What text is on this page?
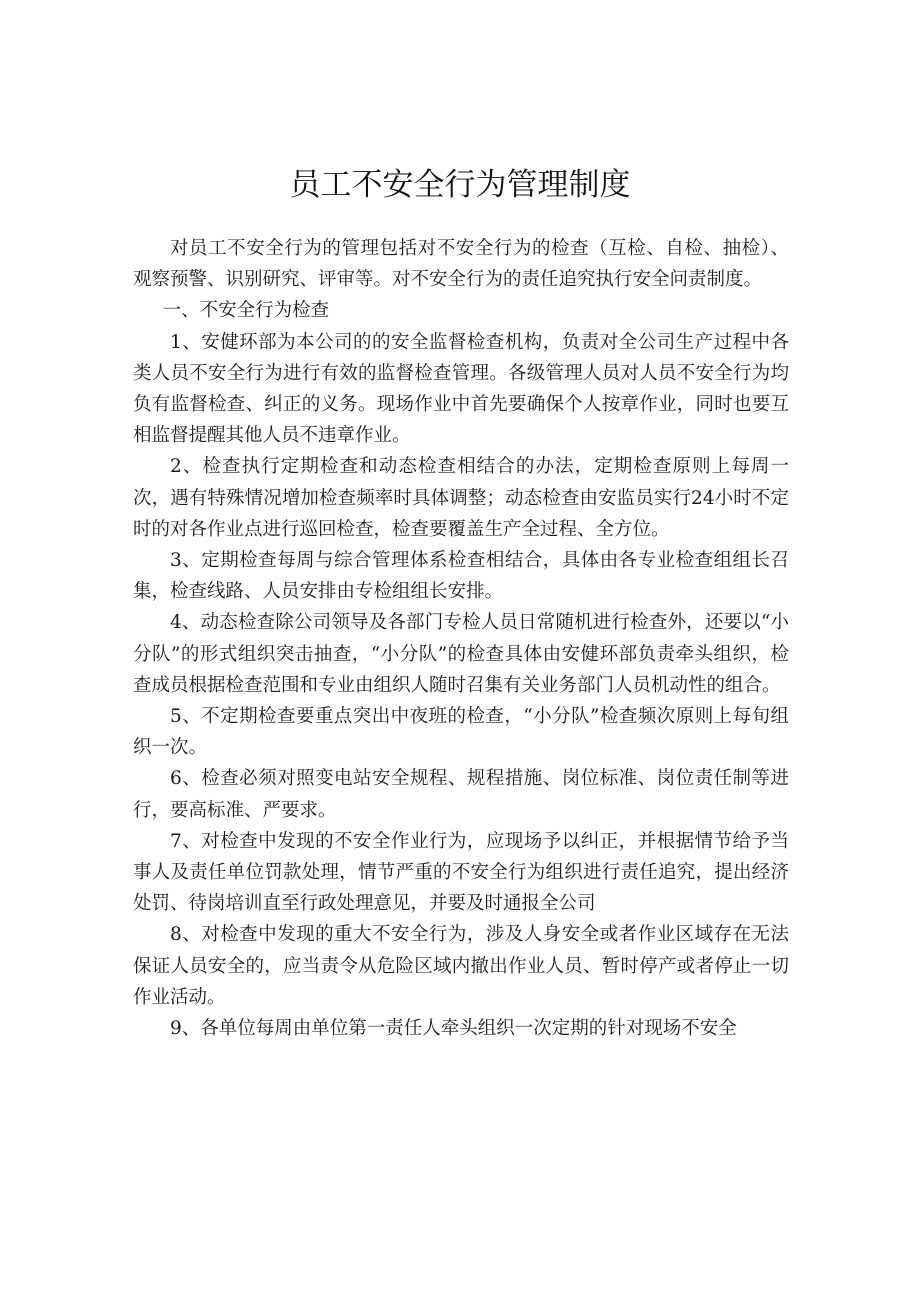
员工不安全行为管理制度

对员工不安全行为的管理包括对不安全行为的检查（互检、自检、抽检）、观察预警、识别研究、评审等。对不安全行为的责任追究执行安全问责制度。

一、不安全行为检查

1、安健环部为本公司的的安全监督检查机构，负责对全公司生产过程中各类人员不安全行为进行有效的监督检查管理。各级管理人员对人员不安全行为均负有监督检查、纠正的义务。现场作业中首先要确保个人按章作业，同时也要互相监督提醒其他人员不违章作业。

2、检查执行定期检查和动态检查相结合的办法，定期检查原则上每周一次，遇有特殊情况增加检查频率时具体调整；动态检查由安监员实行24小时不定时的对各作业点进行巡回检查，检查要覆盖生产全过程、全方位。

3、定期检查每周与综合管理体系检查相结合，具体由各专业检查组组长召集，检查线路、人员安排由专检组组长安排。

4、动态检查除公司领导及各部门专检人员日常随机进行检查外，还要以“小分队”的形式组织突击抽查，“小分队”的检查具体由安健环部负责牵头组织，检查成员根据检查范围和专业由组织人随时召集有关业务部门人员机动性的组合。

5、不定期检查要重点突出中夜班的检查，“小分队”检查频次原则上每旬组织一次。

6、检查必须对照变电站安全规程、规程措施、岗位标准、岗位责任制等进行，要高标准、严要求。

7、对检查中发现的不安全作业行为，应现场予以纠正，并根据情节给予当事人及责任单位罚款处理，情节严重的不安全行为组织进行责任追究，提出经济处罚、待岗培训直至行政处理意见，并要及时通报全公司

8、对检查中发现的重大不安全行为，涉及人身安全或者作业区域存在无法保证人员安全的，应当责令从危险区域内撤出作业人员、暂时停产或者停止一切作业活动。

9、各单位每周由单位第一责任人牵头组织一次定期的针对现场不安全
